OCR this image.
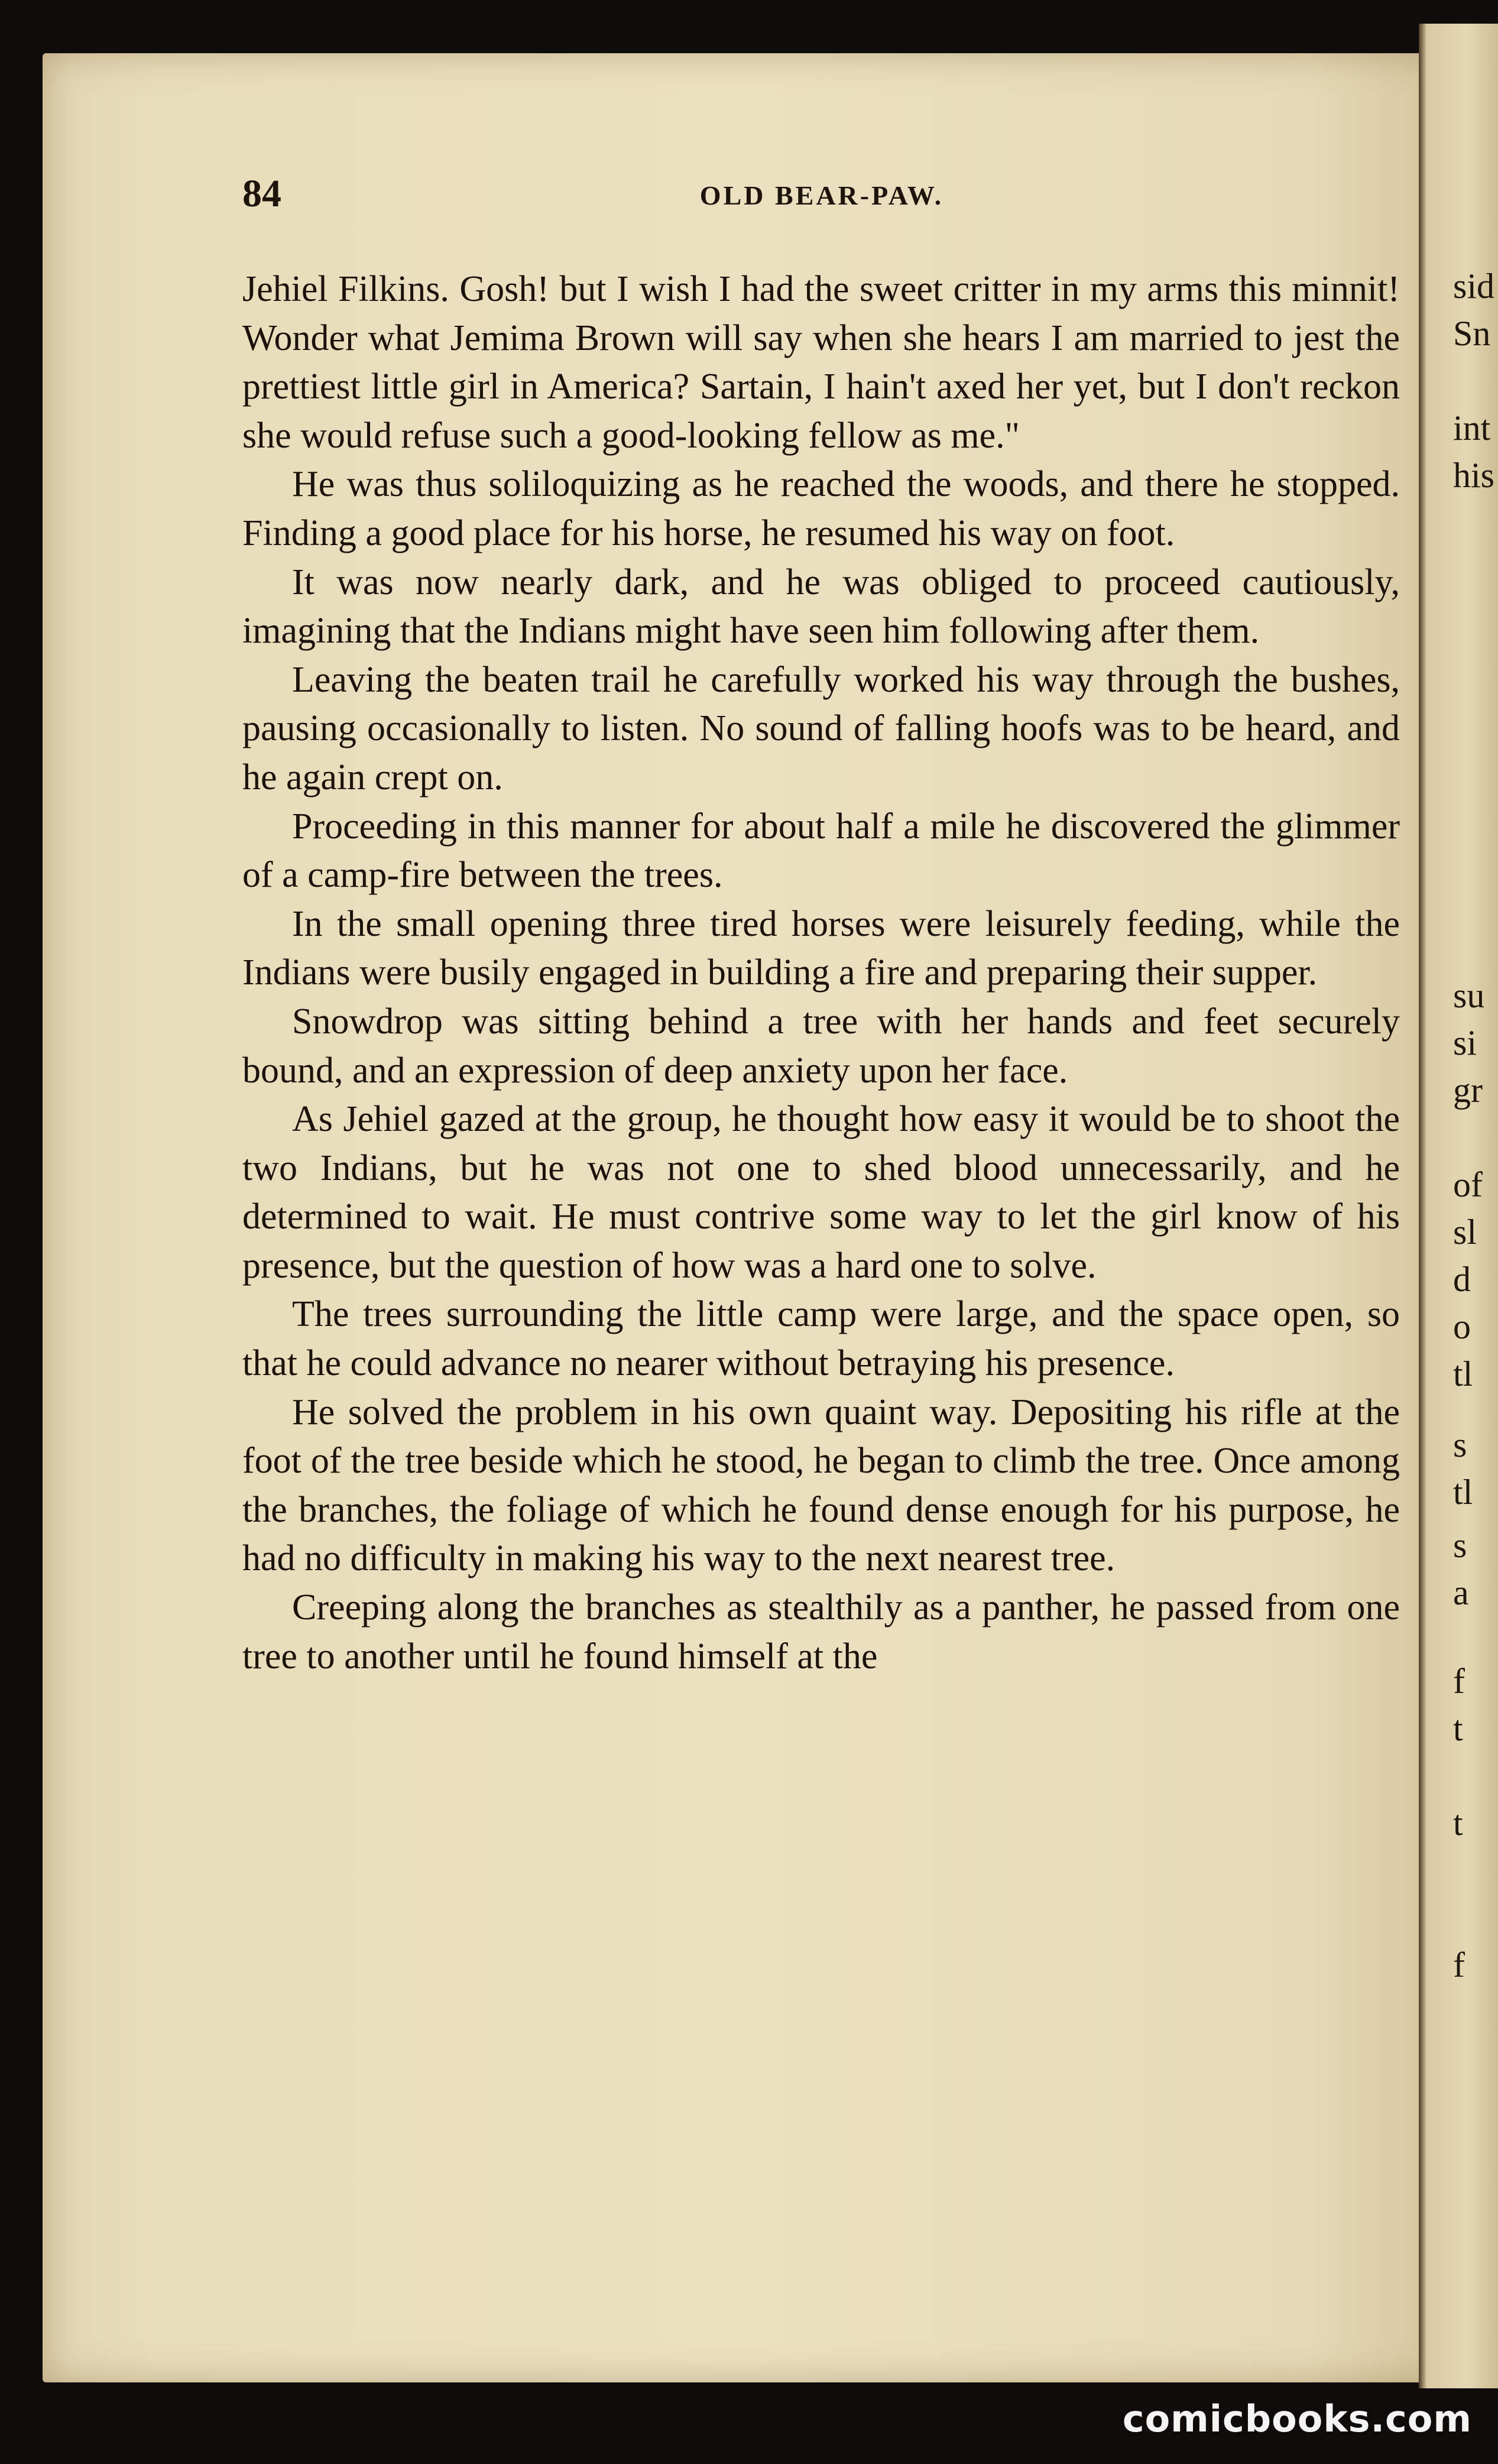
sid
Sn
int
his
su
si
gr
of
sl
d
o
tl
s
tl
s
a
f
t
t
f
84	OLD BEAR-PAW.

Jehiel Filkins. Gosh! but I wish I had the sweet critter in my arms this minnit! Wonder what Jemima Brown will say when she hears I am married to jest the prettiest little girl in America? Sartain, I hain't axed her yet, but I don't reckon she would refuse such a good-looking fellow as me."

He was thus soliloquizing as he reached the woods, and there he stopped. Finding a good place for his horse, he resumed his way on foot.

It was now nearly dark, and he was obliged to proceed cautiously, imagining that the Indians might have seen him following after them.

Leaving the beaten trail he carefully worked his way through the bushes, pausing occasionally to listen. No sound of falling hoofs was to be heard, and he again crept on.

Proceeding in this manner for about half a mile he discovered the glimmer of a camp-fire between the trees.

In the small opening three tired horses were leisurely feeding, while the Indians were busily engaged in building a fire and preparing their supper.

Snowdrop was sitting behind a tree with her hands and feet securely bound, and an expression of deep anxiety upon her face.

As Jehiel gazed at the group, he thought how easy it would be to shoot the two Indians, but he was not one to shed blood unnecessarily, and he determined to wait. He must contrive some way to let the girl know of his presence, but the question of how was a hard one to solve.

The trees surrounding the little camp were large, and the space open, so that he could advance no nearer without betraying his presence.

He solved the problem in his own quaint way. Depositing his rifle at the foot of the tree beside which he stood, he began to climb the tree. Once among the branches, the foliage of which he found dense enough for his purpose, he had no difficulty in making his way to the next nearest tree.

Creeping along the branches as stealthily as a panther, he passed from one tree to another until he found himself at the

comicbooks.com
